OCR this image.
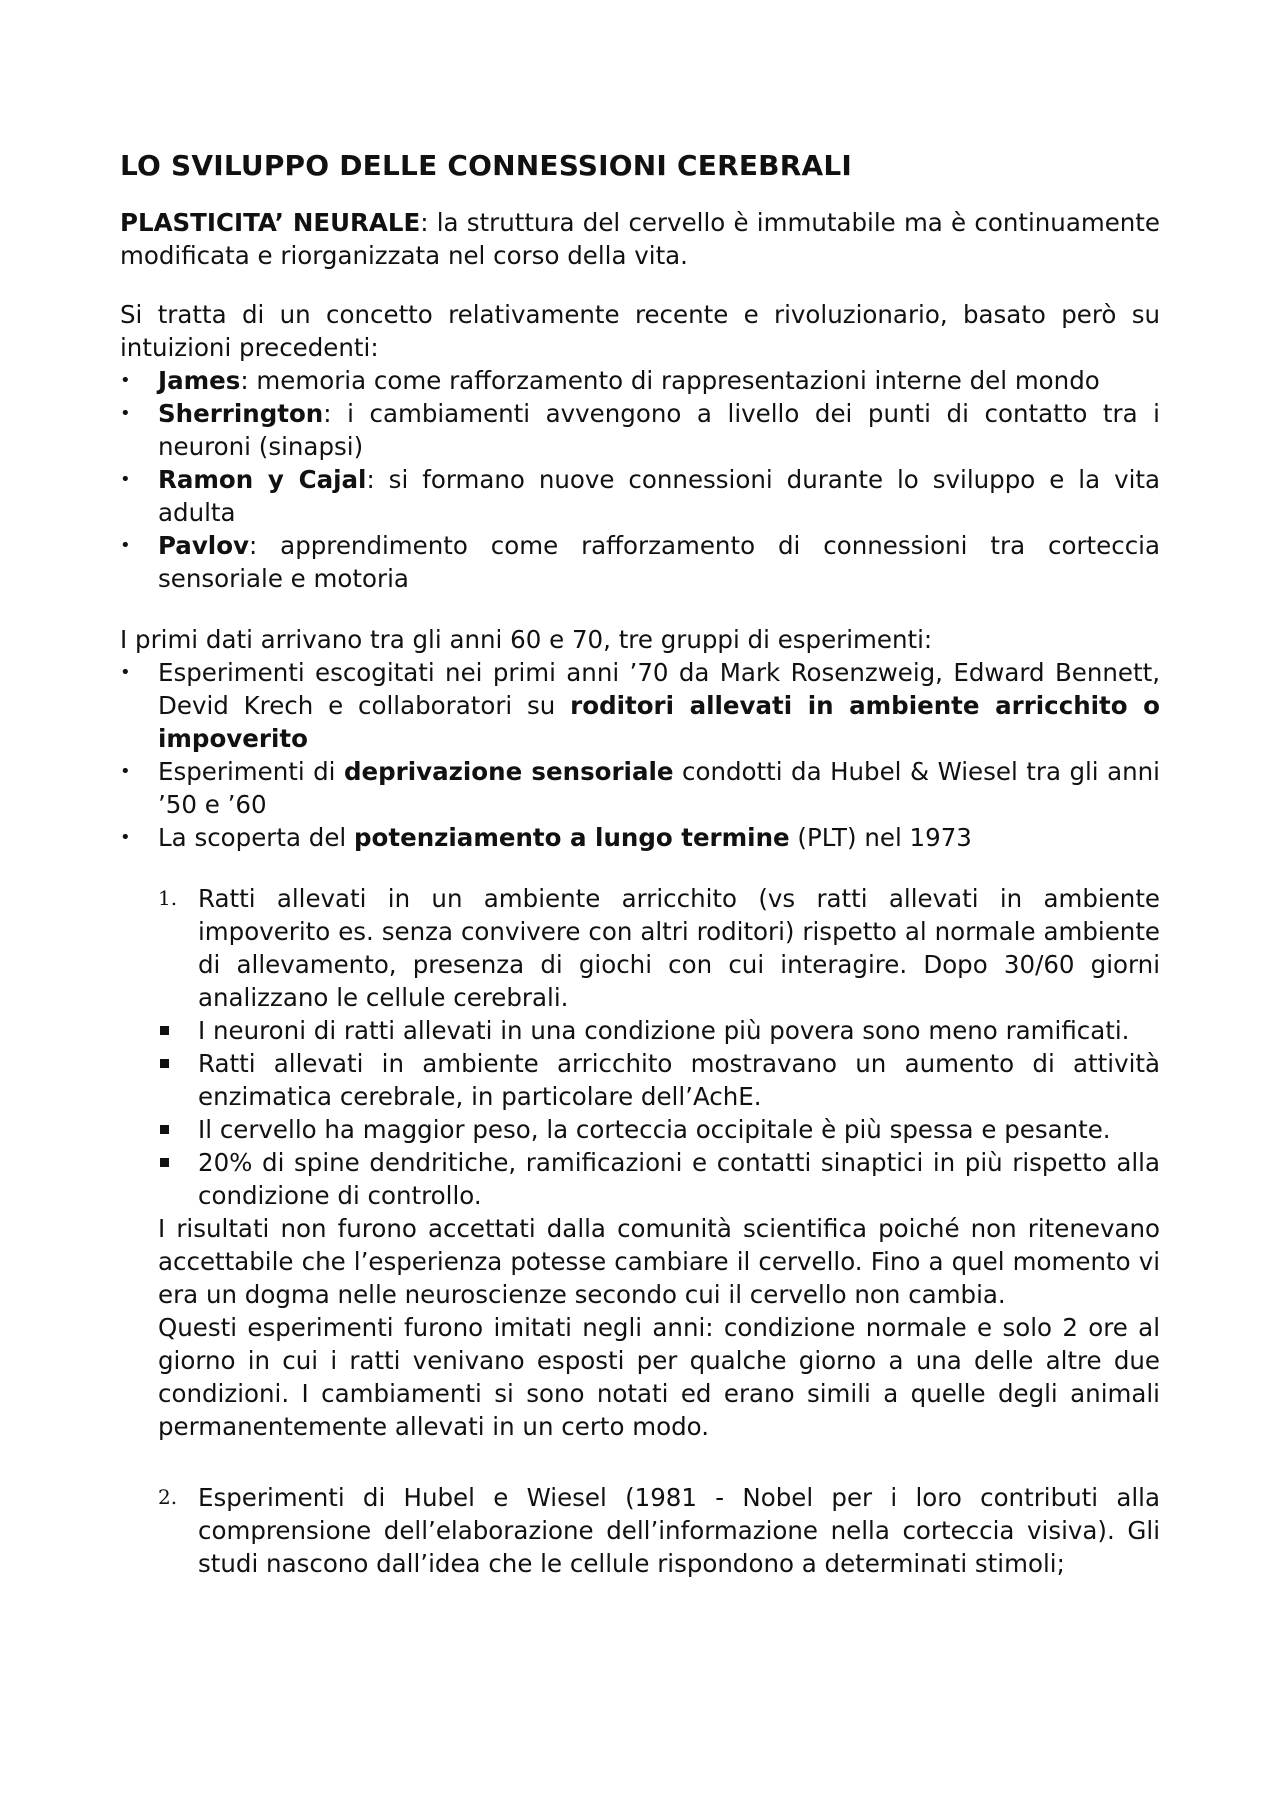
LO SVILUPPO DELLE CONNESSIONI CEREBRALI

PLASTICITA’ NEURALE: la struttura del cervello è immutabile ma è continuamente modificata e riorganizzata nel corso della vita.

Si tratta di un concetto relativamente recente e rivoluzionario, basato però su intuizioni precedenti:

•	James: memoria come rafforzamento di rappresentazioni interne del mondo
•	Sherrington: i cambiamenti avvengono a livello dei punti di contatto tra i neuroni (sinapsi)
•	Ramon y Cajal: si formano nuove connessioni durante lo sviluppo e la vita adulta
•	Pavlov: apprendimento come rafforzamento di connessioni tra corteccia sensoriale e motoria

I primi dati arrivano tra gli anni 60 e 70, tre gruppi di esperimenti:

•	Esperimenti escogitati nei primi anni ’70 da Mark Rosenzweig, Edward Bennett, Devid Krech e collaboratori su roditori allevati in ambiente arricchito o impoverito
•	Esperimenti di deprivazione sensoriale condotti da Hubel & Wiesel tra gli anni ’50 e ’60
•	La scoperta del potenziamento a lungo termine (PLT) nel 1973
1. Ratti allevati in un ambiente arricchito (vs ratti allevati in ambiente impoverito es. senza convivere con altri roditori) rispetto al normale ambiente di allevamento, presenza di giochi con cui interagire. Dopo 30/60 giorni analizzano le cellule cerebrali.
I neuroni di ratti allevati in una condizione più povera sono meno ramificati.
Ratti allevati in ambiente arricchito mostravano un aumento di attività enzimatica cerebrale, in particolare dell’AchE.
Il cervello ha maggior peso, la corteccia occipitale è più spessa e pesante.
20% di spine dendritiche, ramificazioni e contatti sinaptici in più rispetto alla condizione di controllo.
I risultati non furono accettati dalla comunità scientifica poiché non ritenevano accettabile che l’esperienza potesse cambiare il cervello. Fino a quel momento vi era un dogma nelle neuroscienze secondo cui il cervello non cambia.
Questi esperimenti furono imitati negli anni: condizione normale e solo 2 ore al giorno in cui i ratti venivano esposti per qualche giorno a una delle altre due condizioni. I cambiamenti si sono notati ed erano simili a quelle degli animali permanentemente allevati in un certo modo.
2. Esperimenti di Hubel e Wiesel (1981 - Nobel per i loro contributi alla comprensione dell’elaborazione dell’informazione nella corteccia visiva). Gli studi nascono dall’idea che le cellule rispondono a determinati stimoli;
